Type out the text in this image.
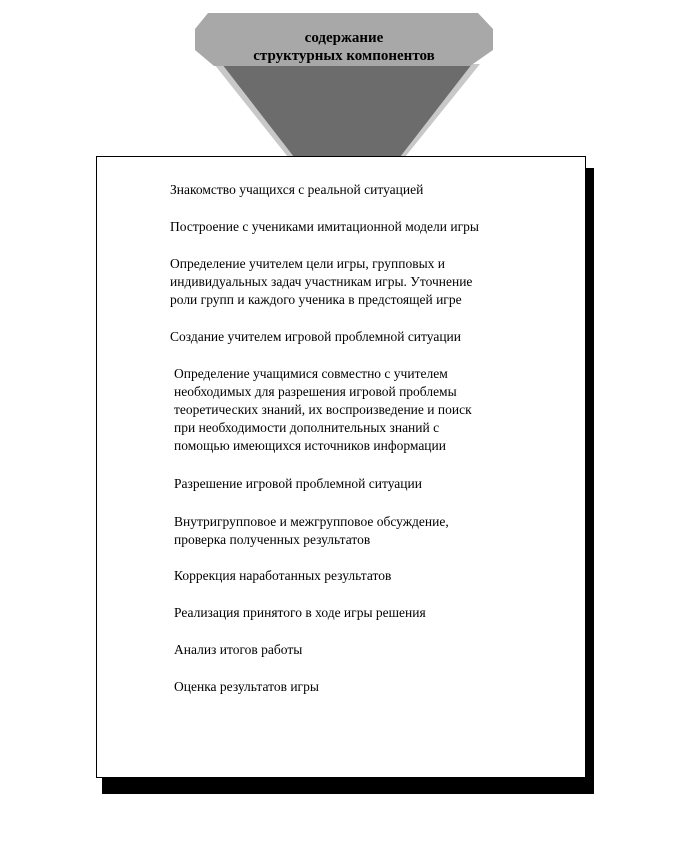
содержание
структурных компонентов
Знакомство учащихся с реальной ситуацией
Построение с учениками имитационной модели игры
Определение учителем цели игры, групповых и
индивидуальных задач участникам игры. Уточнение
роли групп и каждого ученика в предстоящей игре
Создание учителем игровой проблемной ситуации
Определение учащимися совместно с учителем
необходимых для разрешения игровой проблемы
теоретических знаний, их воспроизведение и поиск
при необходимости дополнительных знаний с
помощью имеющихся источников информации
Разрешение игровой проблемной ситуации
Внутригрупповое и межгрупповое обсуждение,
проверка полученных результатов
Коррекция наработанных результатов
Реализация принятого в ходе игры решения
Анализ итогов работы
Оценка результатов игры
